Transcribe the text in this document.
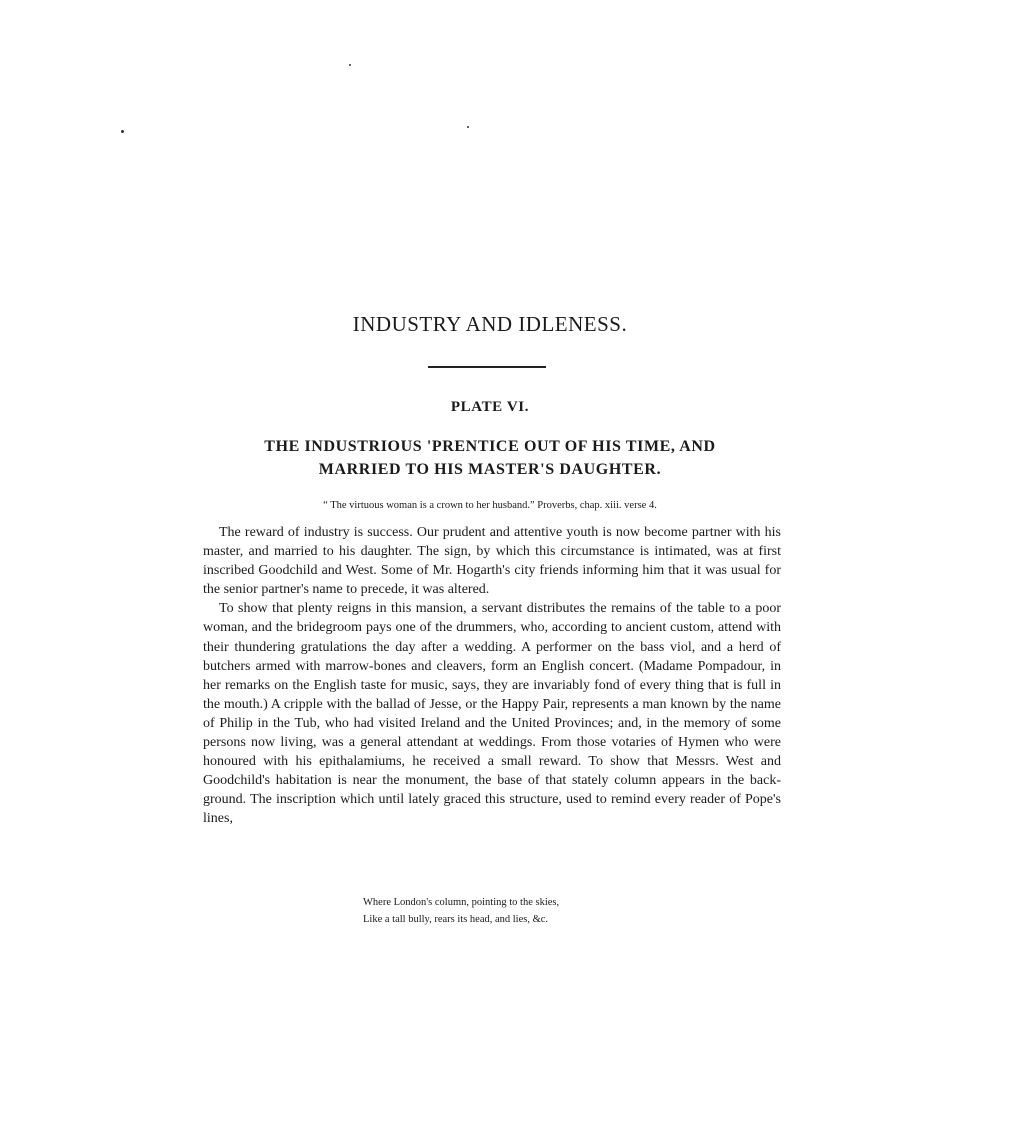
INDUSTRY AND IDLENESS.
PLATE VI.
THE INDUSTRIOUS 'PRENTICE OUT OF HIS TIME, AND
MARRIED TO HIS MASTER'S DAUGHTER.

“ The virtuous woman is a crown to her husband.” Proverbs, chap. xiii. verse 4.

The reward of industry is success. Our prudent and attentive youth is now become partner with his master, and married to his daughter. The sign, by which this circumstance is intimated, was at first inscribed Goodchild and West. Some of Mr. Hogarth's city friends informing him that it was usual for the senior partner's name to precede, it was altered.

To show that plenty reigns in this mansion, a servant distributes the remains of the table to a poor woman, and the bridegroom pays one of the drummers, who, according to ancient custom, attend with their thundering gratulations the day after a wedding. A performer on the bass viol, and a herd of butchers armed with marrow-bones and cleavers, form an English concert. (Madame Pompadour, in her remarks on the English taste for music, says, they are invariably fond of every thing that is full in the mouth.) A cripple with the ballad of Jesse, or the Happy Pair, represents a man known by the name of Philip in the Tub, who had visited Ireland and the United Provinces; and, in the memory of some persons now living, was a general attendant at weddings. From those votaries of Hymen who were honoured with his epithalamiums, he received a small reward. To show that Messrs. West and Goodchild's habitation is near the monument, the base of that stately column appears in the back-ground. The inscription which until lately graced this structure, used to remind every reader of Pope's lines,

Where London's column, pointing to the skies,
Like a tall bully, rears its head, and lies, &c.
